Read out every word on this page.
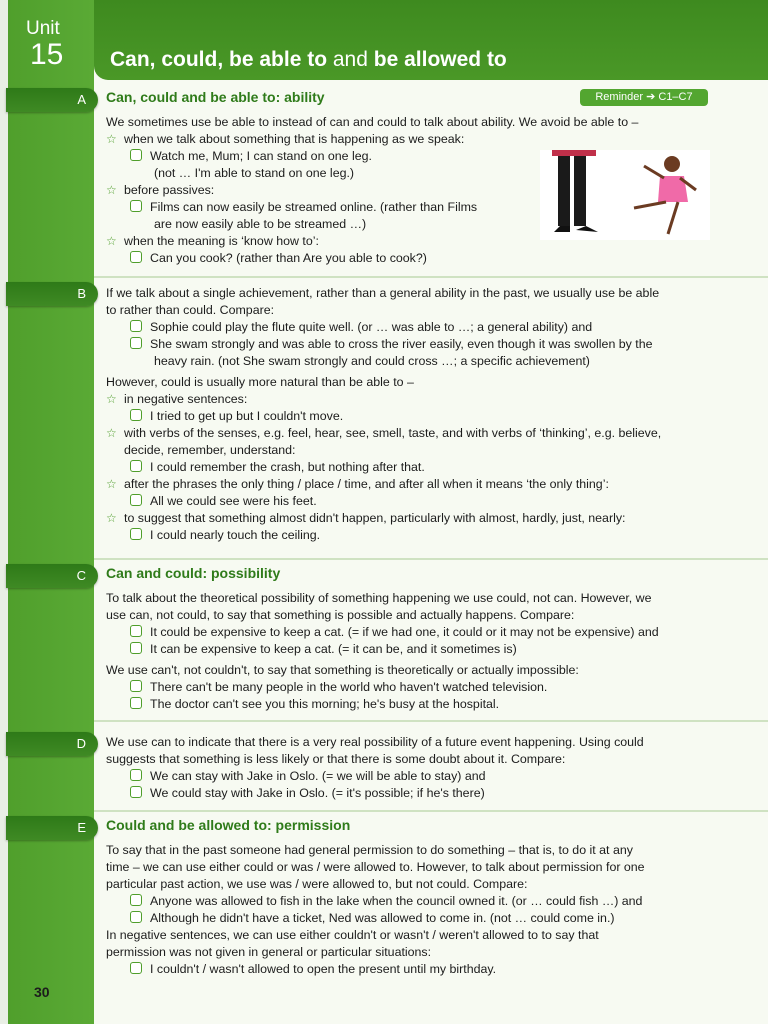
Unit
15 Can, could, be able to and be allowed to
A Can, could and be able to: ability	Reminder ➔ C1–C7
We sometimes use be able to instead of can and could to talk about ability. We avoid be able to –
☆ when we talk about something that is happening as we speak:
Watch me, Mum; I can stand on one leg.
(not … I'm able to stand on one leg.)
☆ before passives:
Films can now easily be streamed online. (rather than Films
are now easily able to be streamed …)
☆ when the meaning is ‘know how to’:
Can you cook? (rather than Are you able to cook?)
B If we talk about a single achievement, rather than a general ability in the past, we usually use be able
to rather than could. Compare:
Sophie could play the flute quite well. (or … was able to …; a general ability) and
She swam strongly and was able to cross the river easily, even though it was swollen by the
heavy rain. (not She swam strongly and could cross …; a specific achievement)
However, could is usually more natural than be able to –
☆ in negative sentences:
I tried to get up but I couldn't move.
☆ with verbs of the senses, e.g. feel, hear, see, smell, taste, and with verbs of ‘thinking’, e.g. believe,
decide, remember, understand:
I could remember the crash, but nothing after that.
☆ after the phrases the only thing / place / time, and after all when it means ‘the only thing’:
All we could see were his feet.
☆ to suggest that something almost didn't happen, particularly with almost, hardly, just, nearly:
I could nearly touch the ceiling.
C Can and could: possibility
To talk about the theoretical possibility of something happening we use could, not can. However, we
use can, not could, to say that something is possible and actually happens. Compare:
It could be expensive to keep a cat. (= if we had one, it could or it may not be expensive) and
It can be expensive to keep a cat. (= it can be, and it sometimes is)
We use can't, not couldn't, to say that something is theoretically or actually impossible:
There can't be many people in the world who haven't watched television.
The doctor can't see you this morning; he's busy at the hospital.
D We use can to indicate that there is a very real possibility of a future event happening. Using could
suggests that something is less likely or that there is some doubt about it. Compare:
We can stay with Jake in Oslo. (= we will be able to stay) and
We could stay with Jake in Oslo. (= it's possible; if he's there)
E Could and be allowed to: permission
To say that in the past someone had general permission to do something – that is, to do it at any
time – we can use either could or was / were allowed to. However, to talk about permission for one
particular past action, we use was / were allowed to, but not could. Compare:
Anyone was allowed to fish in the lake when the council owned it. (or … could fish …) and
Although he didn't have a ticket, Ned was allowed to come in. (not … could come in.)
In negative sentences, we can use either couldn't or wasn't / weren't allowed to to say that
permission was not given in general or particular situations:
I couldn't / wasn't allowed to open the present until my birthday.
30
